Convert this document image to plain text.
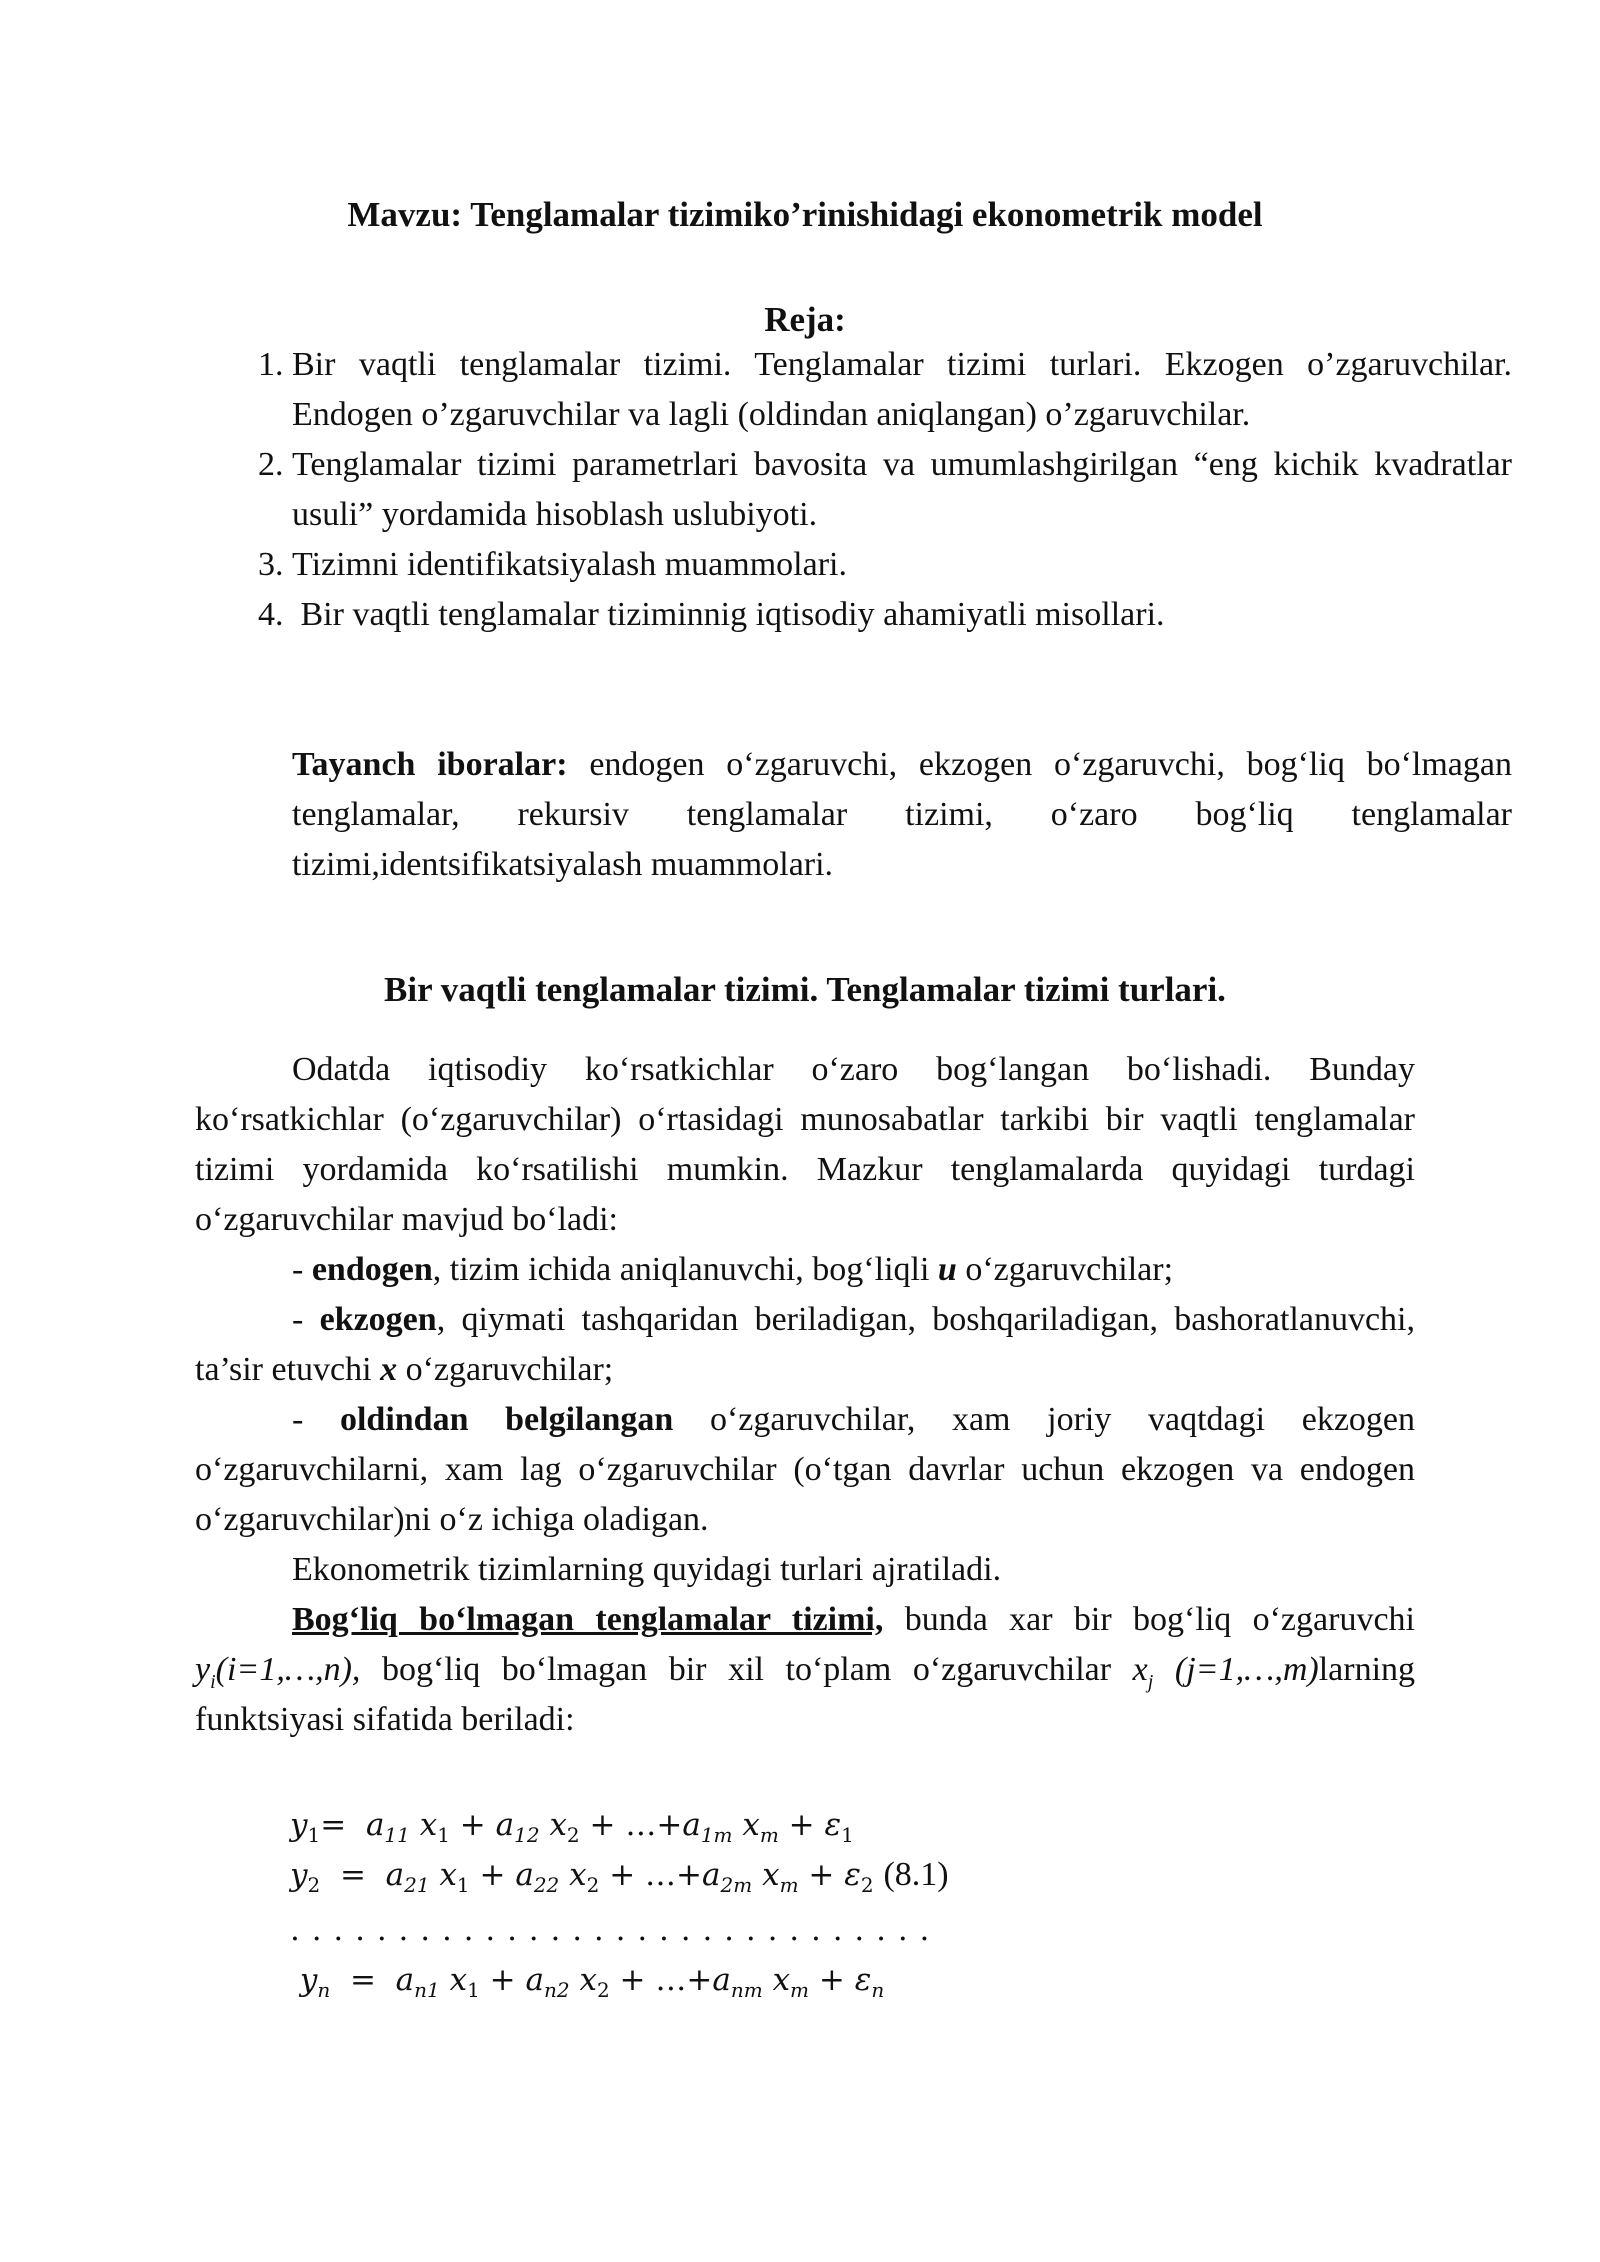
Mavzu: Tenglamalar tizimiko’rinishidagi ekonometrik model

Reja:

1. Bir vaqtli tenglamalar tizimi. Tenglamalar tizimi turlari. Ekzogen o’zgaruvchilar. Endogen o’zgaruvchilar va lagli (oldindan aniqlangan) o’zgaruvchilar.
2. Tenglamalar tizimi parametrlari bavosita va umumlashgirilgan “eng kichik kvadratlar usuli” yordamida hisoblash uslubiyoti.
3. Tizimni identifikatsiyalash muammolari.
4.  Bir vaqtli tenglamalar tiziminnig iqtisodiy ahamiyatli misollari.

Tayanch iboralar: endogen o‘zgaruvchi, ekzogen o‘zgaruvchi, bog‘liq bo‘lmagan tenglamalar, rekursiv tenglamalar tizimi, o‘zaro bog‘liq tenglamalar tizimi,identsifikatsiyalash muammolari.

Bir vaqtli tenglamalar tizimi. Tenglamalar tizimi turlari.

Odatda iqtisodiy ko‘rsatkichlar o‘zaro bog‘langan bo‘lishadi. Bunday ko‘rsatkichlar (o‘zgaruvchilar) o‘rtasidagi munosabatlar tarkibi bir vaqtli tenglamalar tizimi yordamida ko‘rsatilishi mumkin. Mazkur tenglamalarda quyidagi turdagi o‘zgaruvchilar mavjud bo‘ladi:

- endogen, tizim ichida aniqlanuvchi, bog‘liqli u o‘zgaruvchilar;

- ekzogen, qiymati tashqaridan beriladigan, boshqariladigan, bashoratlanuvchi, ta’sir etuvchi x o‘zgaruvchilar;

- oldindan belgilangan o‘zgaruvchilar, xam joriy vaqtdagi ekzogen o‘zgaruvchilarni, xam lag o‘zgaruvchilar (o‘tgan davrlar uchun ekzogen va endogen o‘zgaruvchilar)ni o‘z ichiga oladigan.

Ekonometrik tizimlarning quyidagi turlari ajratiladi.

Bog‘liq bo‘lmagan tenglamalar tizimi, bunda xar bir bog‘liq o‘zgaruvchi $y_i(i=1,\dots,n)$, bog‘liq bo‘lmagan bir xil to‘plam o‘zgaruvchilar $x_j$ (j=1,…,m)larning funktsiyasi sifatida beriladi:

$y_1= a_{11}$ $x_1 + a_{12}$ $x_2$ + $\dots+a_{1m}$ $x_m + \varepsilon_1$
$y_2 = a_{21}$ $x_1 + a_{22}$ $x_2$ + $\dots+a_{2m}$ $x_m + \varepsilon_2$ (8.1)
. . . . . . . . . . . . . . . . . . . . . . . . . . . . . .
$y_n = a_{n1}$ $x_1 + a_{n2}$ $x_2$ + $\dots+a_{nm}$ $x_m + \varepsilon_n$
